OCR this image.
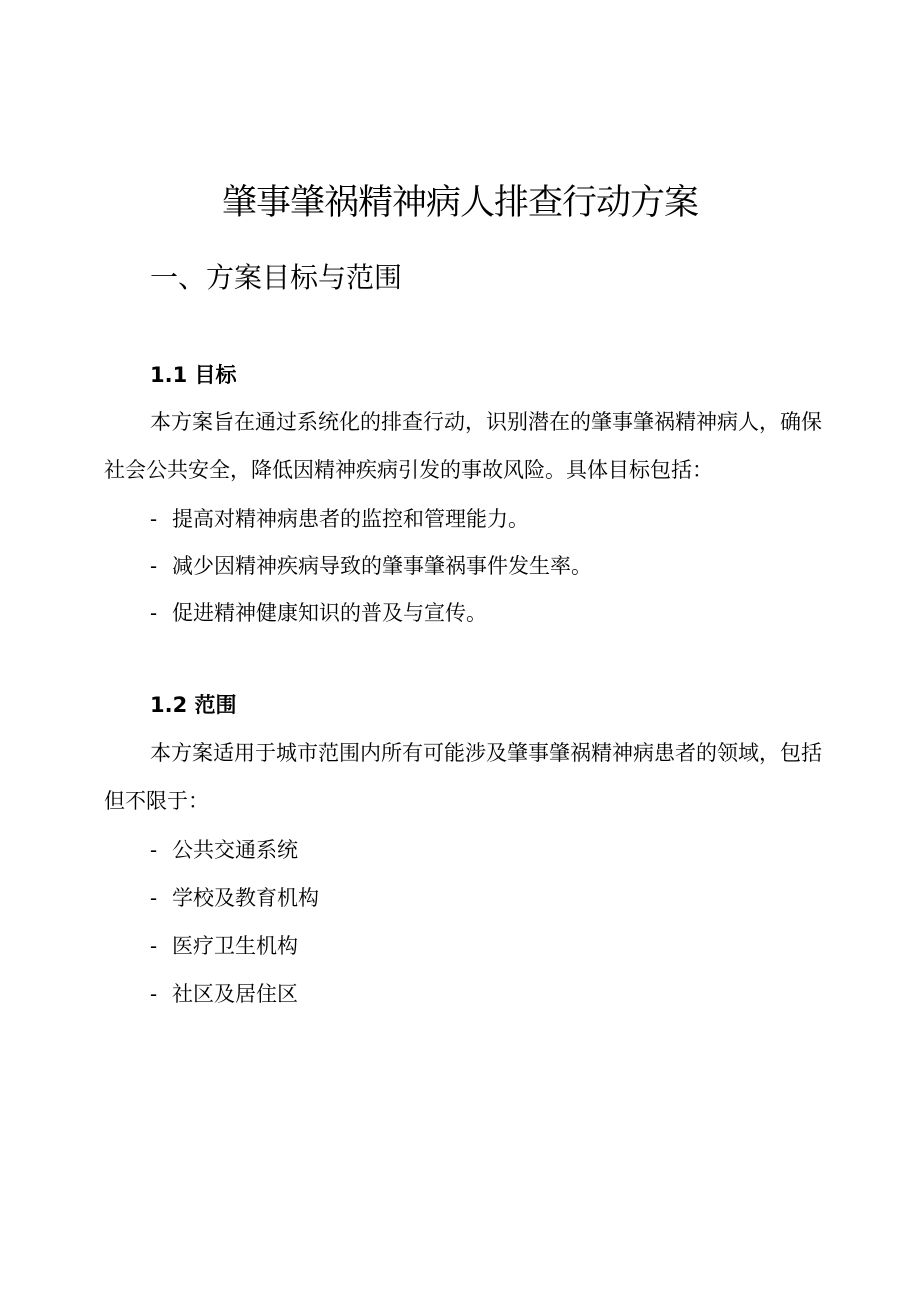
肇事肇祸精神病人排查行动方案
一、方案目标与范围
1.1 目标

本方案旨在通过系统化的排查行动，识别潜在的肇事肇祸精神病人，确保社会公共安全，降低因精神疾病引发的事故风险。具体目标包括：

- 提高对精神病患者的监控和管理能力。
- 减少因精神疾病导致的肇事肇祸事件发生率。
- 促进精神健康知识的普及与宣传。
1.2 范围

本方案适用于城市范围内所有可能涉及肇事肇祸精神病患者的领域，包括但不限于：

- 公共交通系统
- 学校及教育机构
- 医疗卫生机构
- 社区及居住区
